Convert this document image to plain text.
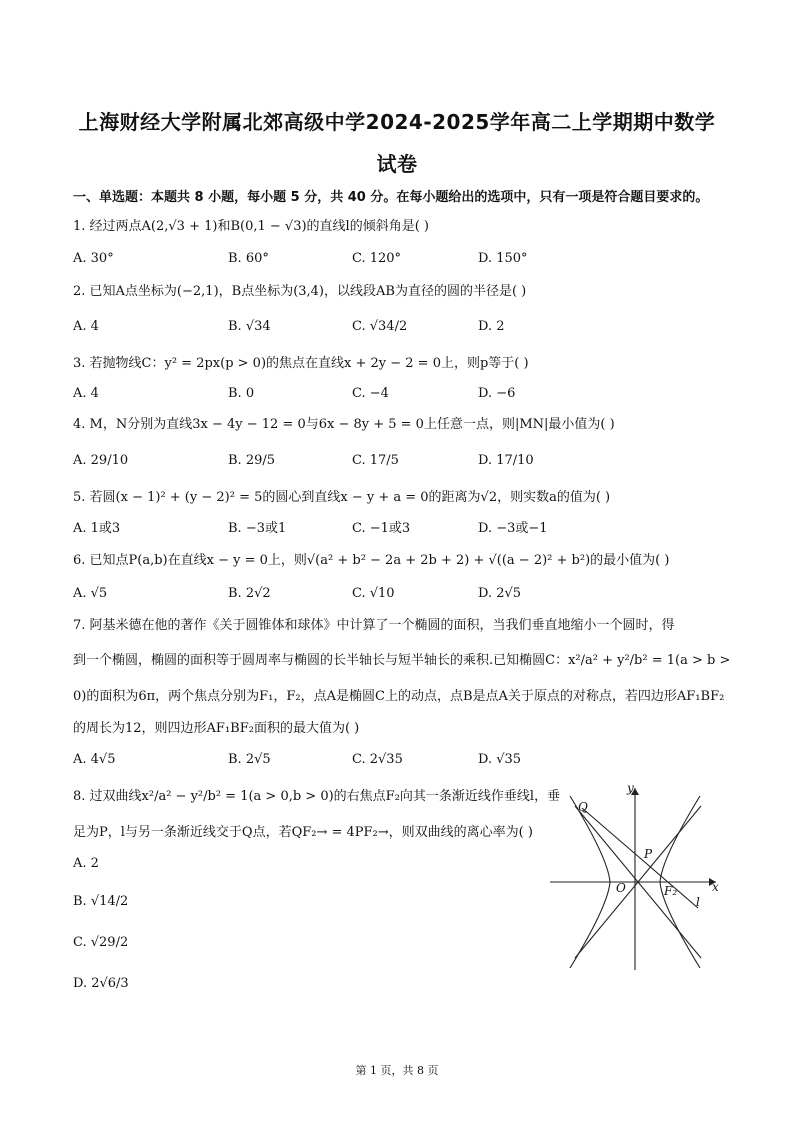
上海财经大学附属北郊高级中学2024-2025学年高二上学期期中数学
试卷
一、单选题：本题共 8 小题，每小题 5 分，共 40 分。在每小题给出的选项中，只有一项是符合题目要求的。
1. 经过两点A(2,√3 + 1)和B(0,1 − √3)的直线l的倾斜角是( )
A. 30°	B. 60°	C. 120°	D. 150°
2. 已知A点坐标为(−2,1)，B点坐标为(3,4)，以线段AB为直径的圆的半径是( )
A. 4	B. √34	C. √34/2	D. 2
3. 若抛物线C：y² = 2px(p > 0)的焦点在直线x + 2y − 2 = 0上，则p等于( )
A. 4	B. 0	C. −4	D. −6
4. M，N分别为直线3x − 4y − 12 = 0与6x − 8y + 5 = 0上任意一点，则|MN|最小值为( )
A. 29/10	B. 29/5	C. 17/5	D. 17/10
5. 若圆(x − 1)² + (y − 2)² = 5的圆心到直线x − y + a = 0的距离为√2，则实数a的值为( )
A. 1或3	B. −3或1	C. −1或3	D. −3或−1
6. 已知点P(a,b)在直线x − y = 0上，则√(a² + b² − 2a + 2b + 2) + √((a − 2)² + b²)的最小值为( )
A. √5	B. 2√2	C. √10	D. 2√5
7. 阿基米德在他的著作《关于圆锥体和球体》中计算了一个椭圆的面积，当我们垂直地缩小一个圆时，得
到一个椭圆，椭圆的面积等于圆周率与椭圆的长半轴长与短半轴长的乘积.已知椭圆C：x²/a² + y²/b² = 1(a > b >
0)的面积为6π，两个焦点分别为F₁，F₂，点A是椭圆C上的动点，点B是点A关于原点的对称点，若四边形AF₁BF₂
的周长为12，则四边形AF₁BF₂面积的最大值为( )
A. 4√5	B. 2√5	C. 2√35	D. √35
8. 过双曲线x²/a² − y²/b² = 1(a > 0,b > 0)的右焦点F₂向其一条渐近线作垂线l，垂
足为P，l与另一条渐近线交于Q点，若QF₂→ = 4PF₂→，则双曲线的离心率为( )
A. 2
B. √14/2
C. √29/2
D. 2√6/3
y
x
Q
P
O	F₂
l
第 1 页，共 8 页
